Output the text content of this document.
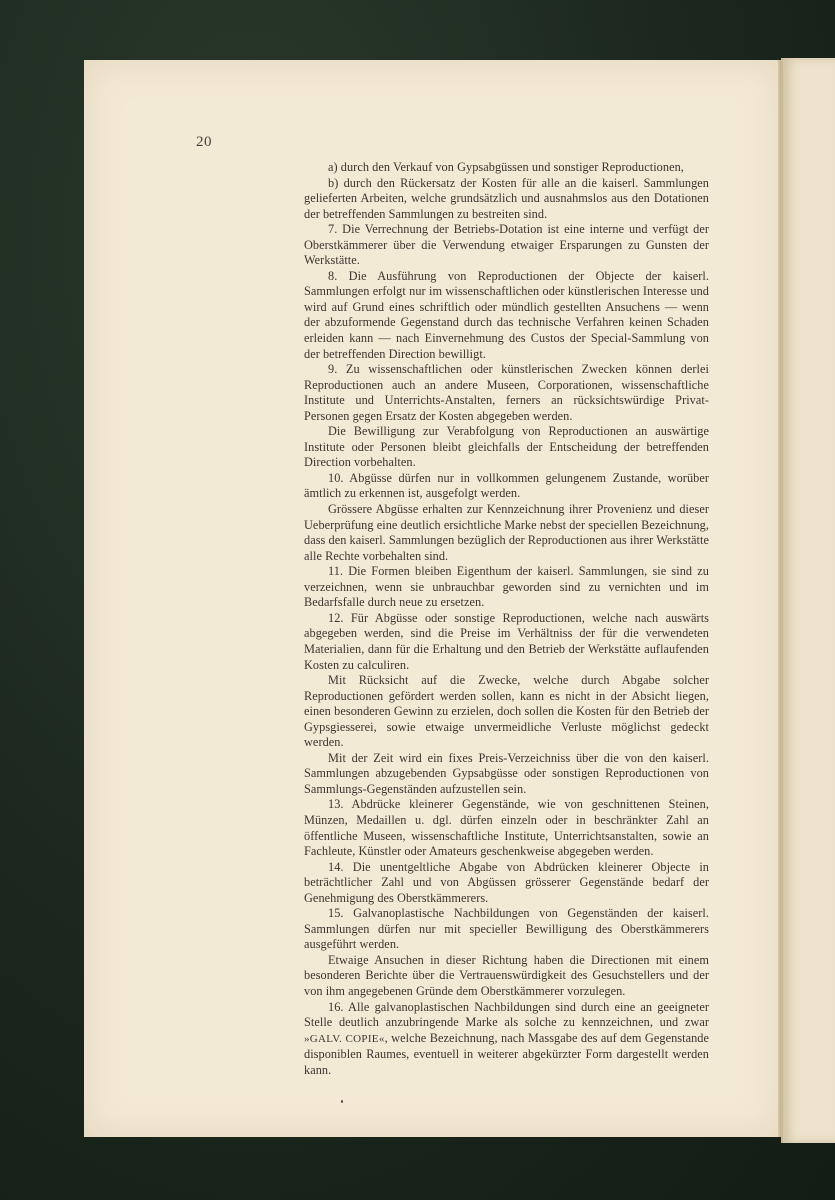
20

a) durch den Verkauf von Gypsabgüssen und sonstiger Reproductionen,

b) durch den Rückersatz der Kosten für alle an die kaiserl. Sammlungen gelieferten Arbeiten, welche grundsätzlich und ausnahmslos aus den Dotationen der betreffenden Sammlungen zu bestreiten sind.

7. Die Verrechnung der Betriebs-Dotation ist eine interne und verfügt der Oberstkämmerer über die Verwendung etwaiger Ersparungen zu Gunsten der Werkstätte.

8. Die Ausführung von Reproductionen der Objecte der kaiserl. Sammlungen erfolgt nur im wissenschaftlichen oder künstlerischen Interesse und wird auf Grund eines schriftlich oder mündlich gestellten Ansuchens — wenn der abzuformende Gegenstand durch das technische Verfahren keinen Schaden erleiden kann — nach Einvernehmung des Custos der Special-Sammlung von der betreffenden Direction bewilligt.

9. Zu wissenschaftlichen oder künstlerischen Zwecken können derlei Reproductionen auch an andere Museen, Corporationen, wissenschaftliche Institute und Unterrichts-Anstalten, ferners an rücksichtswürdige Privat-Personen gegen Ersatz der Kosten abgegeben werden.

Die Bewilligung zur Verabfolgung von Reproductionen an auswärtige Institute oder Personen bleibt gleichfalls der Entscheidung der betreffenden Direction vorbehalten.

10. Abgüsse dürfen nur in vollkommen gelungenem Zustande, worüber ämtlich zu erkennen ist, ausgefolgt werden.

Grössere Abgüsse erhalten zur Kennzeichnung ihrer Provenienz und dieser Ueberprüfung eine deutlich ersichtliche Marke nebst der speciellen Bezeichnung, dass den kaiserl. Sammlungen bezüglich der Reproductionen aus ihrer Werkstätte alle Rechte vorbehalten sind.

11. Die Formen bleiben Eigenthum der kaiserl. Sammlungen, sie sind zu verzeichnen, wenn sie unbrauchbar geworden sind zu vernichten und im Bedarfsfalle durch neue zu ersetzen.

12. Für Abgüsse oder sonstige Reproductionen, welche nach auswärts abgegeben werden, sind die Preise im Verhältniss der für die verwendeten Materialien, dann für die Erhaltung und den Betrieb der Werkstätte auflaufenden Kosten zu calculiren.

Mit Rücksicht auf die Zwecke, welche durch Abgabe solcher Reproductionen gefördert werden sollen, kann es nicht in der Absicht liegen, einen besonderen Gewinn zu erzielen, doch sollen die Kosten für den Betrieb der Gypsgiesserei, sowie etwaige unvermeidliche Verluste möglichst gedeckt werden.

Mit der Zeit wird ein fixes Preis-Verzeichniss über die von den kaiserl. Sammlungen abzugebenden Gypsabgüsse oder sonstigen Reproductionen von Sammlungs-Gegenständen aufzustellen sein.

13. Abdrücke kleinerer Gegenstände, wie von geschnittenen Steinen, Münzen, Medaillen u. dgl. dürfen einzeln oder in beschränkter Zahl an öffentliche Museen, wissenschaftliche Institute, Unterrichtsanstalten, sowie an Fachleute, Künstler oder Amateurs geschenkweise abgegeben werden.

14. Die unentgeltliche Abgabe von Abdrücken kleinerer Objecte in beträchtlicher Zahl und von Abgüssen grösserer Gegenstände bedarf der Genehmigung des Oberstkämmerers.

15. Galvanoplastische Nachbildungen von Gegenständen der kaiserl. Sammlungen dürfen nur mit specieller Bewilligung des Oberstkämmerers ausgeführt werden.

Etwaige Ansuchen in dieser Richtung haben die Directionen mit einem besonderen Berichte über die Vertrauenswürdigkeit des Gesuchstellers und der von ihm angegebenen Gründe dem Oberstkämmerer vorzulegen.

16. Alle galvanoplastischen Nachbildungen sind durch eine an geeigneter Stelle deutlich anzubringende Marke als solche zu kennzeichnen, und zwar »GALV. COPIE«, welche Bezeichnung, nach Massgabe des auf dem Gegenstande disponiblen Raumes, eventuell in weiterer abgekürzter Form dargestellt werden kann.
